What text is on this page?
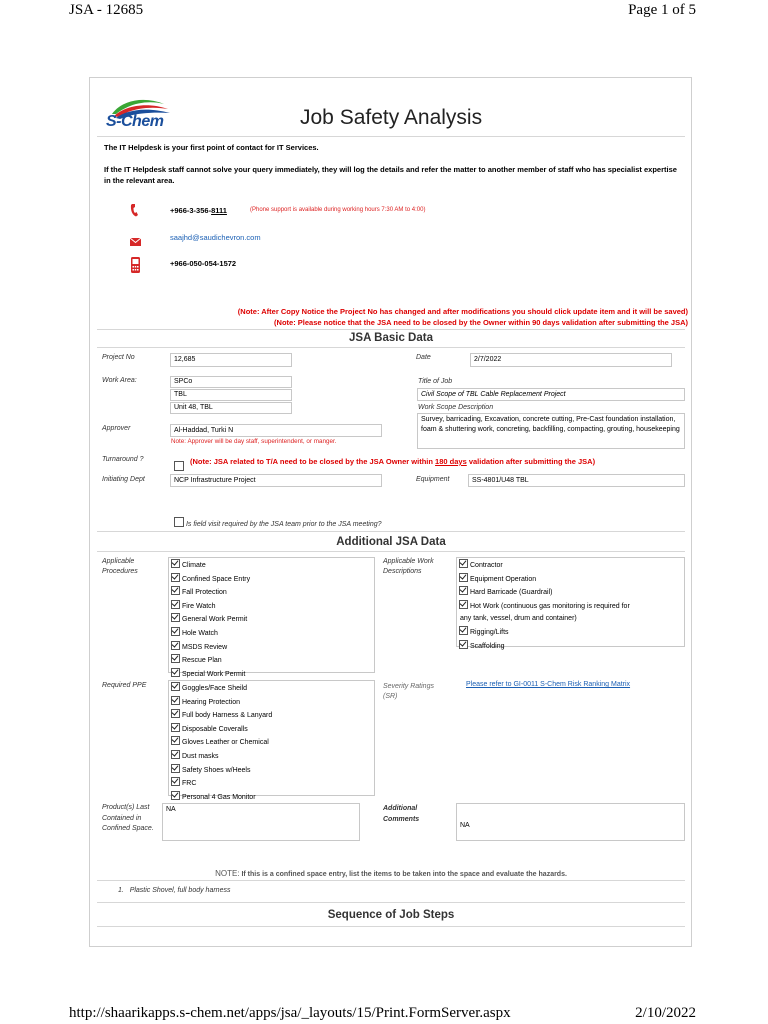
JSA - 12685	Page 1 of 5
http://shaarikapps.s-chem.net/apps/jsa/_layouts/15/Print.FormServer.aspx	2/10/2022
S-Chem	Job Safety Analysis
The IT Helpdesk is your first point of contact for IT Services.
If the IT Helpdesk staff cannot solve your query immediately, they will log the details and refer the matter to another member of staff who has specialist expertise in the relevant area.
+966-3-356-8111	(Phone support is available during working hours 7:30 AM to 4:00)
saajhd@saudichevron.com
+966-050-054-1572
(Note: After Copy Notice the Project No has changed and after modifications you should click update item and it will be saved)
(Note: Please notice that the JSA need to be closed by the Owner within 90 days validation after submitting the JSA)
JSA Basic Data
Project No	12,685	Date	2/7/2022
Work Area:	SPCo
TBL
Unit 48, TBL
Title of Job
Civil Scope of TBL Cable Replacement Project
Work Scope Description
Survey, barricading, Excavation, concrete cutting, Pre-Cast foundation installation, foam & shuttering work, concreting, backfilling, compacting, grouting, housekeeping
Approver	Al-Haddad, Turki N
Note: Approver will be day staff, superintendent, or manger.
Turnaround ?	(Note: JSA related to T/A need to be closed by the JSA Owner within 180 days validation after submitting the JSA)
Initiating Dept	NCP Infrastructure Project	Equipment	SS-4801/U48 TBL
Is field visit required by the JSA team prior to the JSA meeting?
Additional JSA Data
Applicable Procedures
Climate
Confined Space Entry
Fall Protection
Fire Watch
General Work Permit
Hole Watch
MSDS Review
Rescue Plan
Special Work Permit
Applicable Work Descriptions
Contractor
Equipment Operation
Hard Barricade (Guardrail)
Hot Work (continuous gas monitoring is required for
any tank, vessel, drum and container)
Rigging/Lifts
Scaffolding
Required PPE	Goggles/Face Sheild
Hearing Protection
Full body Harness & Lanyard
Disposable Coveralls
Gloves Leather or Chemical
Dust masks
Safety Shoes w/Heels
FRC
Personal 4 Gas Monitor
Severity Ratings (SR)
Please refer to GI-0011 S-Chem Risk Ranking Matrix
Product(s) Last Contained in Confined Space.
NA	Additional Comments
NA
NOTE: If this is a confined space entry, list the items to be taken into the space and evaluate the hazards.
1.   Plastic Shovel, full body harness
Sequence of Job Steps
